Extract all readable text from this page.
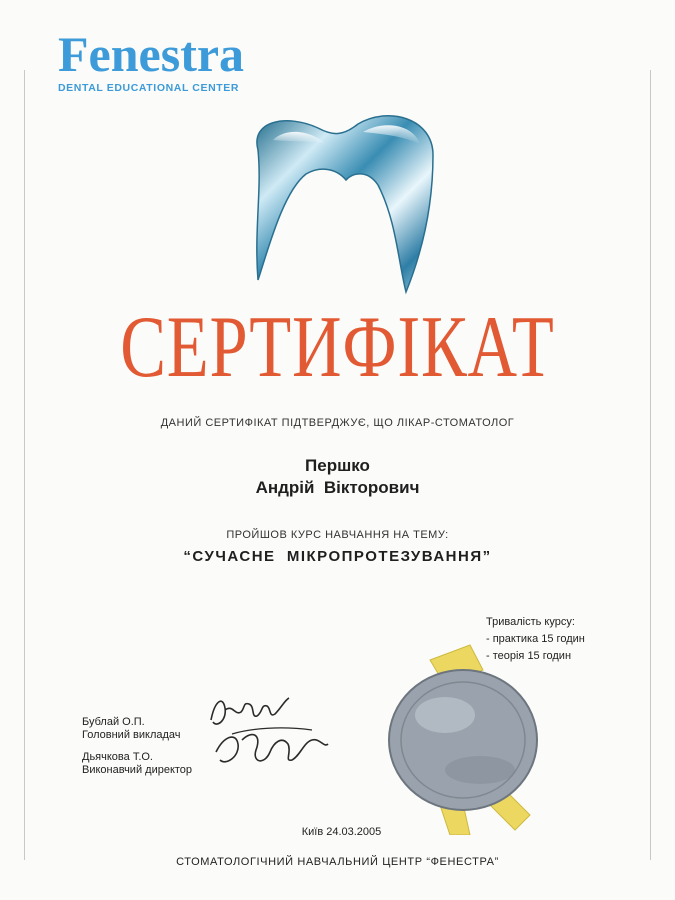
Fenestra
DENTAL EDUCATIONAL CENTER
СЕРТИФІКАТ
ДАНИЙ СЕРТИФІКАТ ПІДТВЕРДЖУЄ, ЩО ЛІКАР-СТОМАТОЛОГ
Першко
Андрій  Вікторович
ПРОЙШОВ КУРС НАВЧАННЯ НА ТЕМУ:
“СУЧАСНЕ  МІКРОПРОТЕЗУВАННЯ”
Тривалість курсу:
- практика 15 годин
- теорія 15 годин
Бублай О.П.
Головний викладач
Дьячкова Т.О.
Виконавчий директор
Київ 24.03.2005
СТОМАТОЛОГІЧНИЙ НАВЧАЛЬНИЙ ЦЕНТР “ФЕНЕСТРА”
